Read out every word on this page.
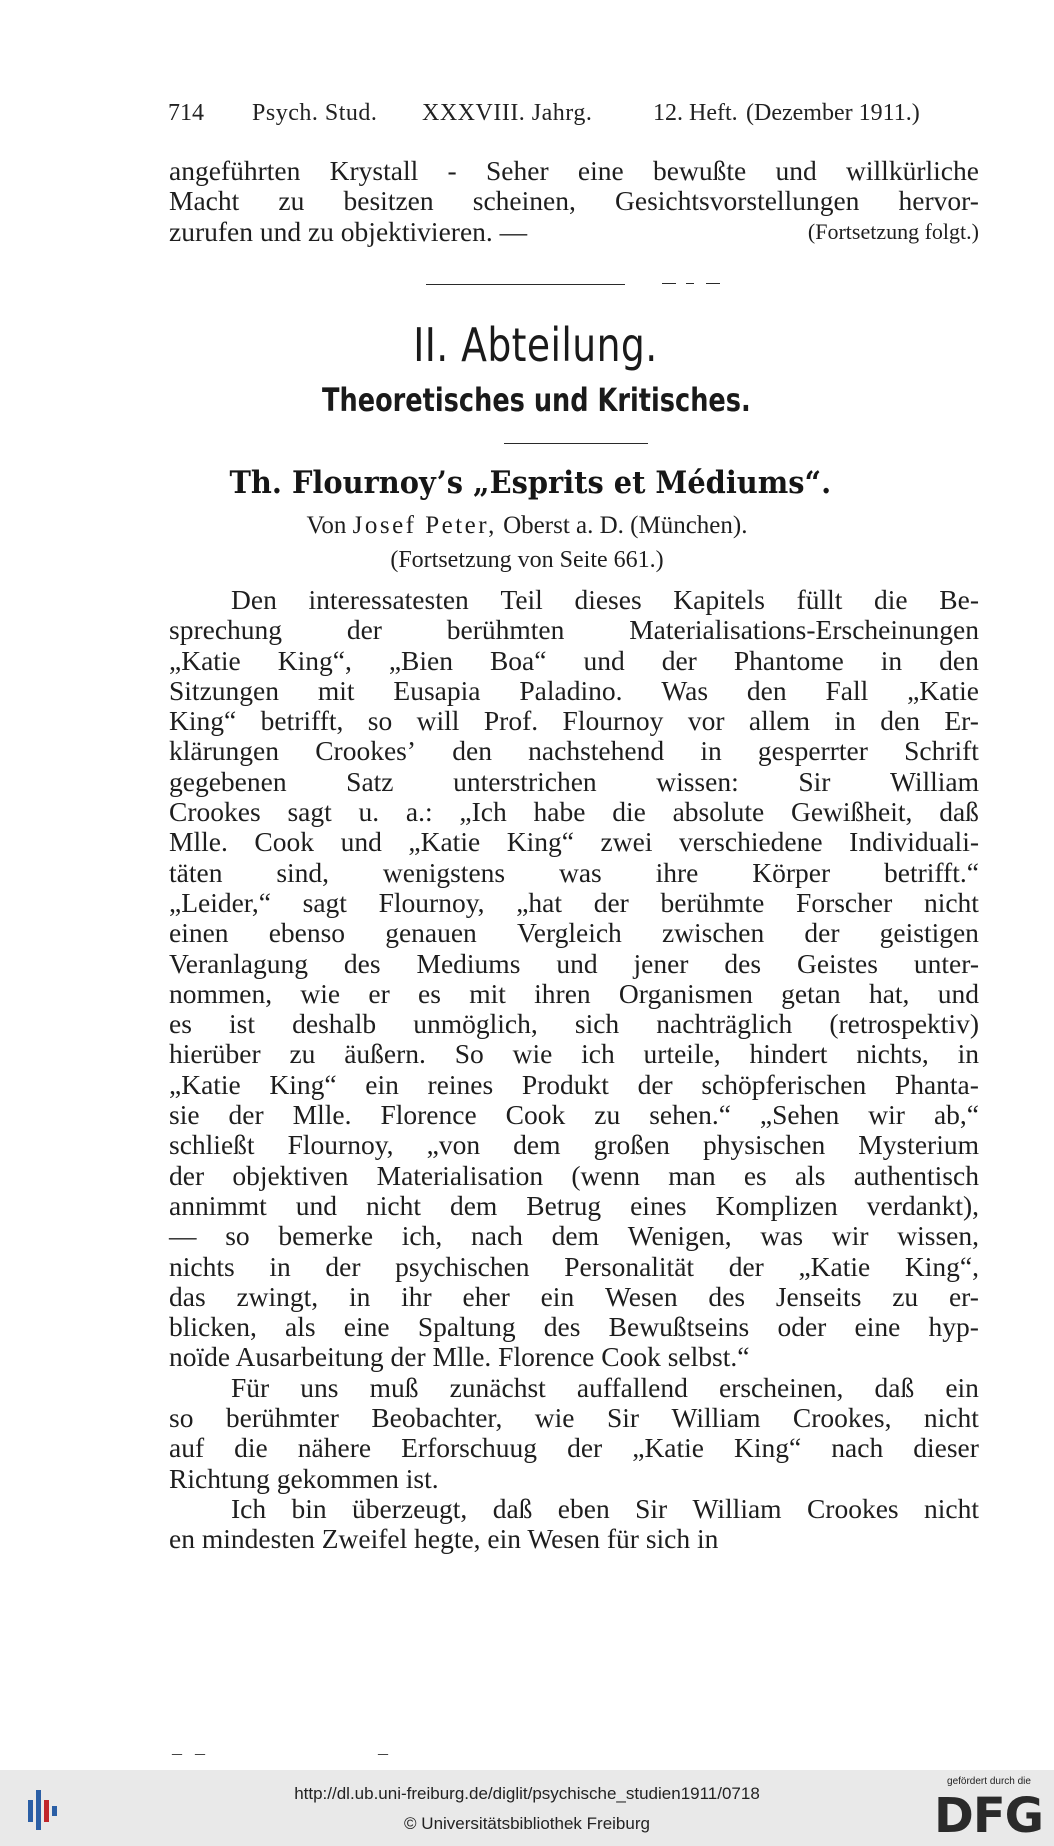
714 Psych. Stud. XXXVIII. Jahrg.	12. Heft. (Dezember 1911.)
angeführten Krystall - Seher eine bewußte und willkürliche
Macht zu besitzen scheinen, Gesichtsvorstellungen hervor-
zurufen und zu objektivieren. —	(Fortsetzung folgt.)
II. Abteilung.
Theoretisches und Kritisches.
Th. Flournoy’s „Esprits et Médiums“.
Von Josef Peter, Oberst a. D. (München).
(Fortsetzung von Seite 661.)
Den interessatesten Teil dieses Kapitels füllt die Be-
sprechung der berühmten Materialisations-Erscheinungen
„Katie King“, „Bien Boa“ und der Phantome in den
Sitzungen mit Eusapia Paladino. Was den Fall „Katie
King“ betrifft, so will Prof. Flournoy vor allem in den Er-
klärungen Crookes’ den nachstehend in gesperrter Schrift
gegebenen Satz unterstrichen wissen: Sir William
Crookes sagt u. a.: „Ich habe die absolute Gewißheit, daß
Mlle. Cook und „Katie King“ zwei verschiedene Individuali-
täten sind, wenigstens was ihre Körper betrifft.“
„Leider,“ sagt Flournoy, „hat der berühmte Forscher nicht
einen ebenso genauen Vergleich zwischen der geistigen
Veranlagung des Mediums und jener des Geistes unter-
nommen, wie er es mit ihren Organismen getan hat, und
es ist deshalb unmöglich, sich nachträglich (retrospektiv)
hierüber zu äußern. So wie ich urteile, hindert nichts, in
„Katie King“ ein reines Produkt der schöpferischen Phanta-
sie der Mlle. Florence Cook zu sehen.“ „Sehen wir ab,“
schließt Flournoy, „von dem großen physischen Mysterium
der objektiven Materialisation (wenn man es als authentisch
annimmt und nicht dem Betrug eines Komplizen verdankt),
— so bemerke ich, nach dem Wenigen, was wir wissen,
nichts in der psychischen Personalität der „Katie King“,
das zwingt, in ihr eher ein Wesen des Jenseits zu er-
blicken, als eine Spaltung des Bewußtseins oder eine hyp-
noïde Ausarbeitung der Mlle. Florence Cook selbst.“
Für uns muß zunächst auffallend erscheinen, daß ein
so berühmter Beobachter, wie Sir William Crookes, nicht
auf die nähere Erforschuug der „Katie King“ nach dieser
Richtung gekommen ist.
Ich bin überzeugt, daß eben Sir William Crookes nicht
en mindesten Zweifel hegte, ein Wesen für sich in
– –	–
http://dl.ub.uni-freiburg.de/diglit/psychische_studien1911/0718
© Universitätsbibliothek Freiburg
gefördert durch die
DFG
